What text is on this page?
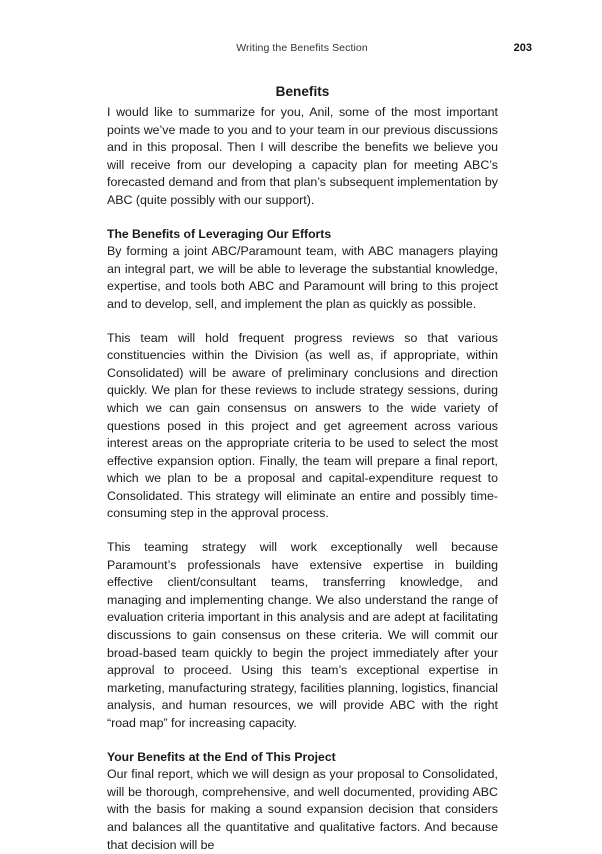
Writing the Benefits Section	203
Benefits

I would like to summarize for you, Anil, some of the most important points we’ve made to you and to your team in our previous discussions and in this proposal. Then I will describe the benefits we believe you will receive from our developing a capacity plan for meeting ABC’s forecasted demand and from that plan’s subsequent implementation by ABC (quite possibly with our support).

The Benefits of Leveraging Our Efforts

By forming a joint ABC/Paramount team, with ABC managers playing an integral part, we will be able to leverage the substantial knowledge, expertise, and tools both ABC and Paramount will bring to this project and to develop, sell, and implement the plan as quickly as possible.

This team will hold frequent progress reviews so that various constituencies within the Division (as well as, if appropriate, within Consolidated) will be aware of preliminary conclusions and direction quickly. We plan for these reviews to include strategy sessions, during which we can gain consensus on answers to the wide variety of questions posed in this project and get agreement across various interest areas on the appropriate criteria to be used to select the most effective expansion option. Finally, the team will prepare a final report, which we plan to be a proposal and capital-expenditure request to Consolidated. This strategy will eliminate an entire and possibly time-consuming step in the approval process.

This teaming strategy will work exceptionally well because Paramount’s professionals have extensive expertise in building effective client/consultant teams, transferring knowledge, and managing and implementing change. We also understand the range of evaluation criteria important in this analysis and are adept at facilitating discussions to gain consensus on these criteria. We will commit our broad-based team quickly to begin the project immediately after your approval to proceed. Using this team’s exceptional expertise in marketing, manufacturing strategy, facilities planning, logistics, financial analysis, and human resources, we will provide ABC with the right “road map” for increasing capacity.

Your Benefits at the End of This Project

Our final report, which we will design as your proposal to Consolidated, will be thorough, comprehensive, and well documented, providing ABC with the basis for making a sound expansion decision that considers and balances all the quantitative and qualitative factors. And because that decision will be
